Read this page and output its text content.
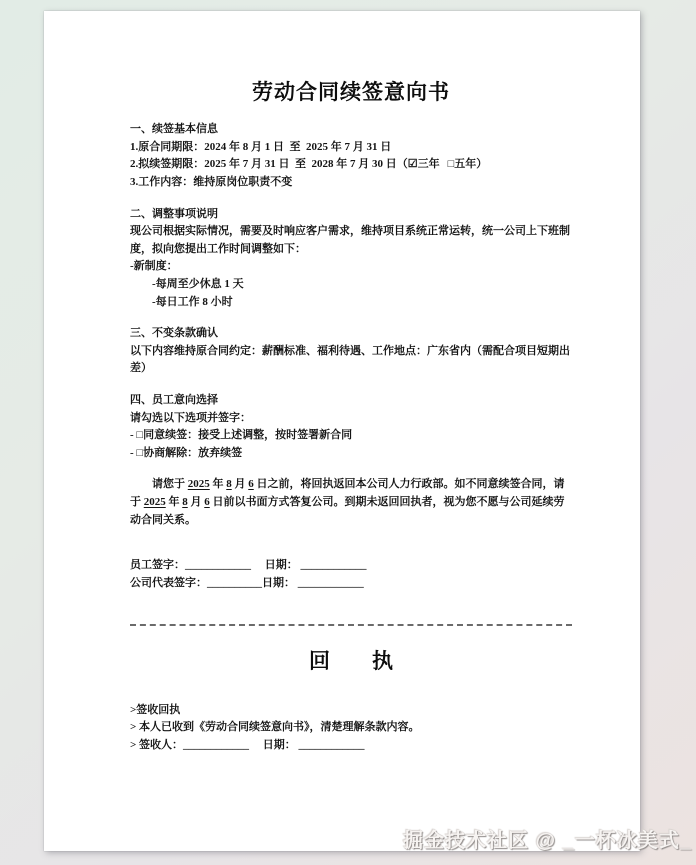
劳动合同续签意向书

一、续签基本信息

1.原合同期限：2024 年 8 月 1 日  至  2025 年 7 月 31 日

2.拟续签期限：2025 年 7 月 31 日  至  2028 年 7 月 30 日（☑三年 □五年）

3.工作内容：维持原岗位职责不变

二、调整事项说明

现公司根据实际情况，需要及时响应客户需求，维持项目系统正常运转，统一公司上下班制度，拟向您提出工作时间调整如下：

-新制度：

-每周至少休息 1 天

-每日工作 8 小时

三、不变条款确认

以下内容维持原合同约定：薪酬标准、福利待遇、工作地点：广东省内（需配合项目短期出差）

四、员工意向选择

请勾选以下选项并签字：

- □同意续签：接受上述调整，按时签署新合同

- □协商解除：放弃续签

请您于 2025 年 8 月 6 日之前，将回执返回本公司人力行政部。如不同意续签合同，请于 2025 年 8 月 6 日前以书面方式答复公司。到期未返回回执者，视为您不愿与公司延续劳动合同关系。

员工签字：____________　 日期： ____________

公司代表签字：__________日期： ____________

回　　执

>签收回执

> 本人已收到《劳动合同续签意向书》，清楚理解条款内容。

> 签收人：____________　 日期： ____________

掘金技术社区 @ _一杯冰美式_
